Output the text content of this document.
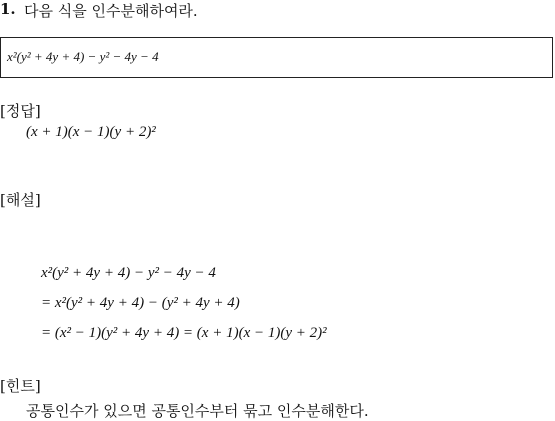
1. 다음 식을 인수분해하여라.
x²(y² + 4y + 4) − y² − 4y − 4
[정답]
(x + 1)(x − 1)(y + 2)²
[해설]
x²(y² + 4y + 4) − y² − 4y − 4
= x²(y² + 4y + 4) − (y² + 4y + 4)
= (x² − 1)(y² + 4y + 4) = (x + 1)(x − 1)(y + 2)²
[힌트]
공통인수가 있으면 공통인수부터 묶고 인수분해한다.
